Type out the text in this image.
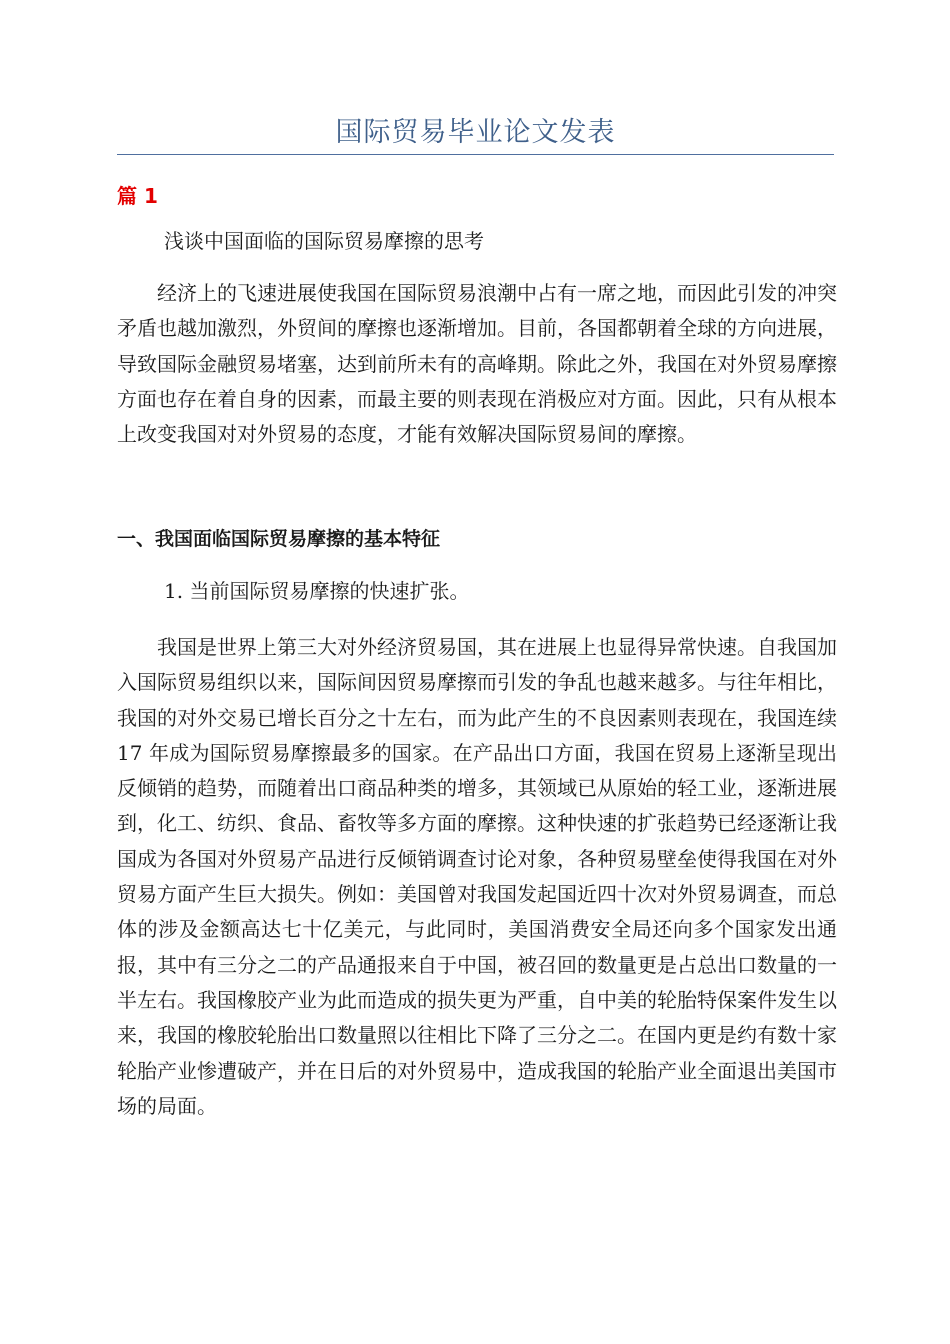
国际贸易毕业论文发表

篇 1

浅谈中国面临的国际贸易摩擦的思考

经济上的飞速进展使我国在国际贸易浪潮中占有一席之地，而因此引发的冲突矛盾也越加激烈，外贸间的摩擦也逐渐增加。目前，各国都朝着全球的方向进展，导致国际金融贸易堵塞，达到前所未有的高峰期。除此之外，我国在对外贸易摩擦方面也存在着自身的因素，而最主要的则表现在消极应对方面。因此，只有从根本上改变我国对对外贸易的态度，才能有效解决国际贸易间的摩擦。

一、我国面临国际贸易摩擦的基本特征

1. 当前国际贸易摩擦的快速扩张。

我国是世界上第三大对外经济贸易国，其在进展上也显得异常快速。自我国加入国际贸易组织以来，国际间因贸易摩擦而引发的争乱也越来越多。与往年相比，我国的对外交易已增长百分之十左右，而为此产生的不良因素则表现在，我国连续 17 年成为国际贸易摩擦最多的国家。在产品出口方面，我国在贸易上逐渐呈现出反倾销的趋势，而随着出口商品种类的增多，其领域已从原始的轻工业，逐渐进展到，化工、纺织、食品、畜牧等多方面的摩擦。这种快速的扩张趋势已经逐渐让我国成为各国对外贸易产品进行反倾销调查讨论对象，各种贸易壁垒使得我国在对外贸易方面产生巨大损失。例如：美国曾对我国发起国近四十次对外贸易调查，而总体的涉及金额高达七十亿美元，与此同时，美国消费安全局还向多个国家发出通报，其中有三分之二的产品通报来自于中国，被召回的数量更是占总出口数量的一半左右。我国橡胶产业为此而造成的损失更为严重，自中美的轮胎特保案件发生以来，我国的橡胶轮胎出口数量照以往相比下降了三分之二。在国内更是约有数十家轮胎产业惨遭破产，并在日后的对外贸易中，造成我国的轮胎产业全面退出美国市场的局面。
